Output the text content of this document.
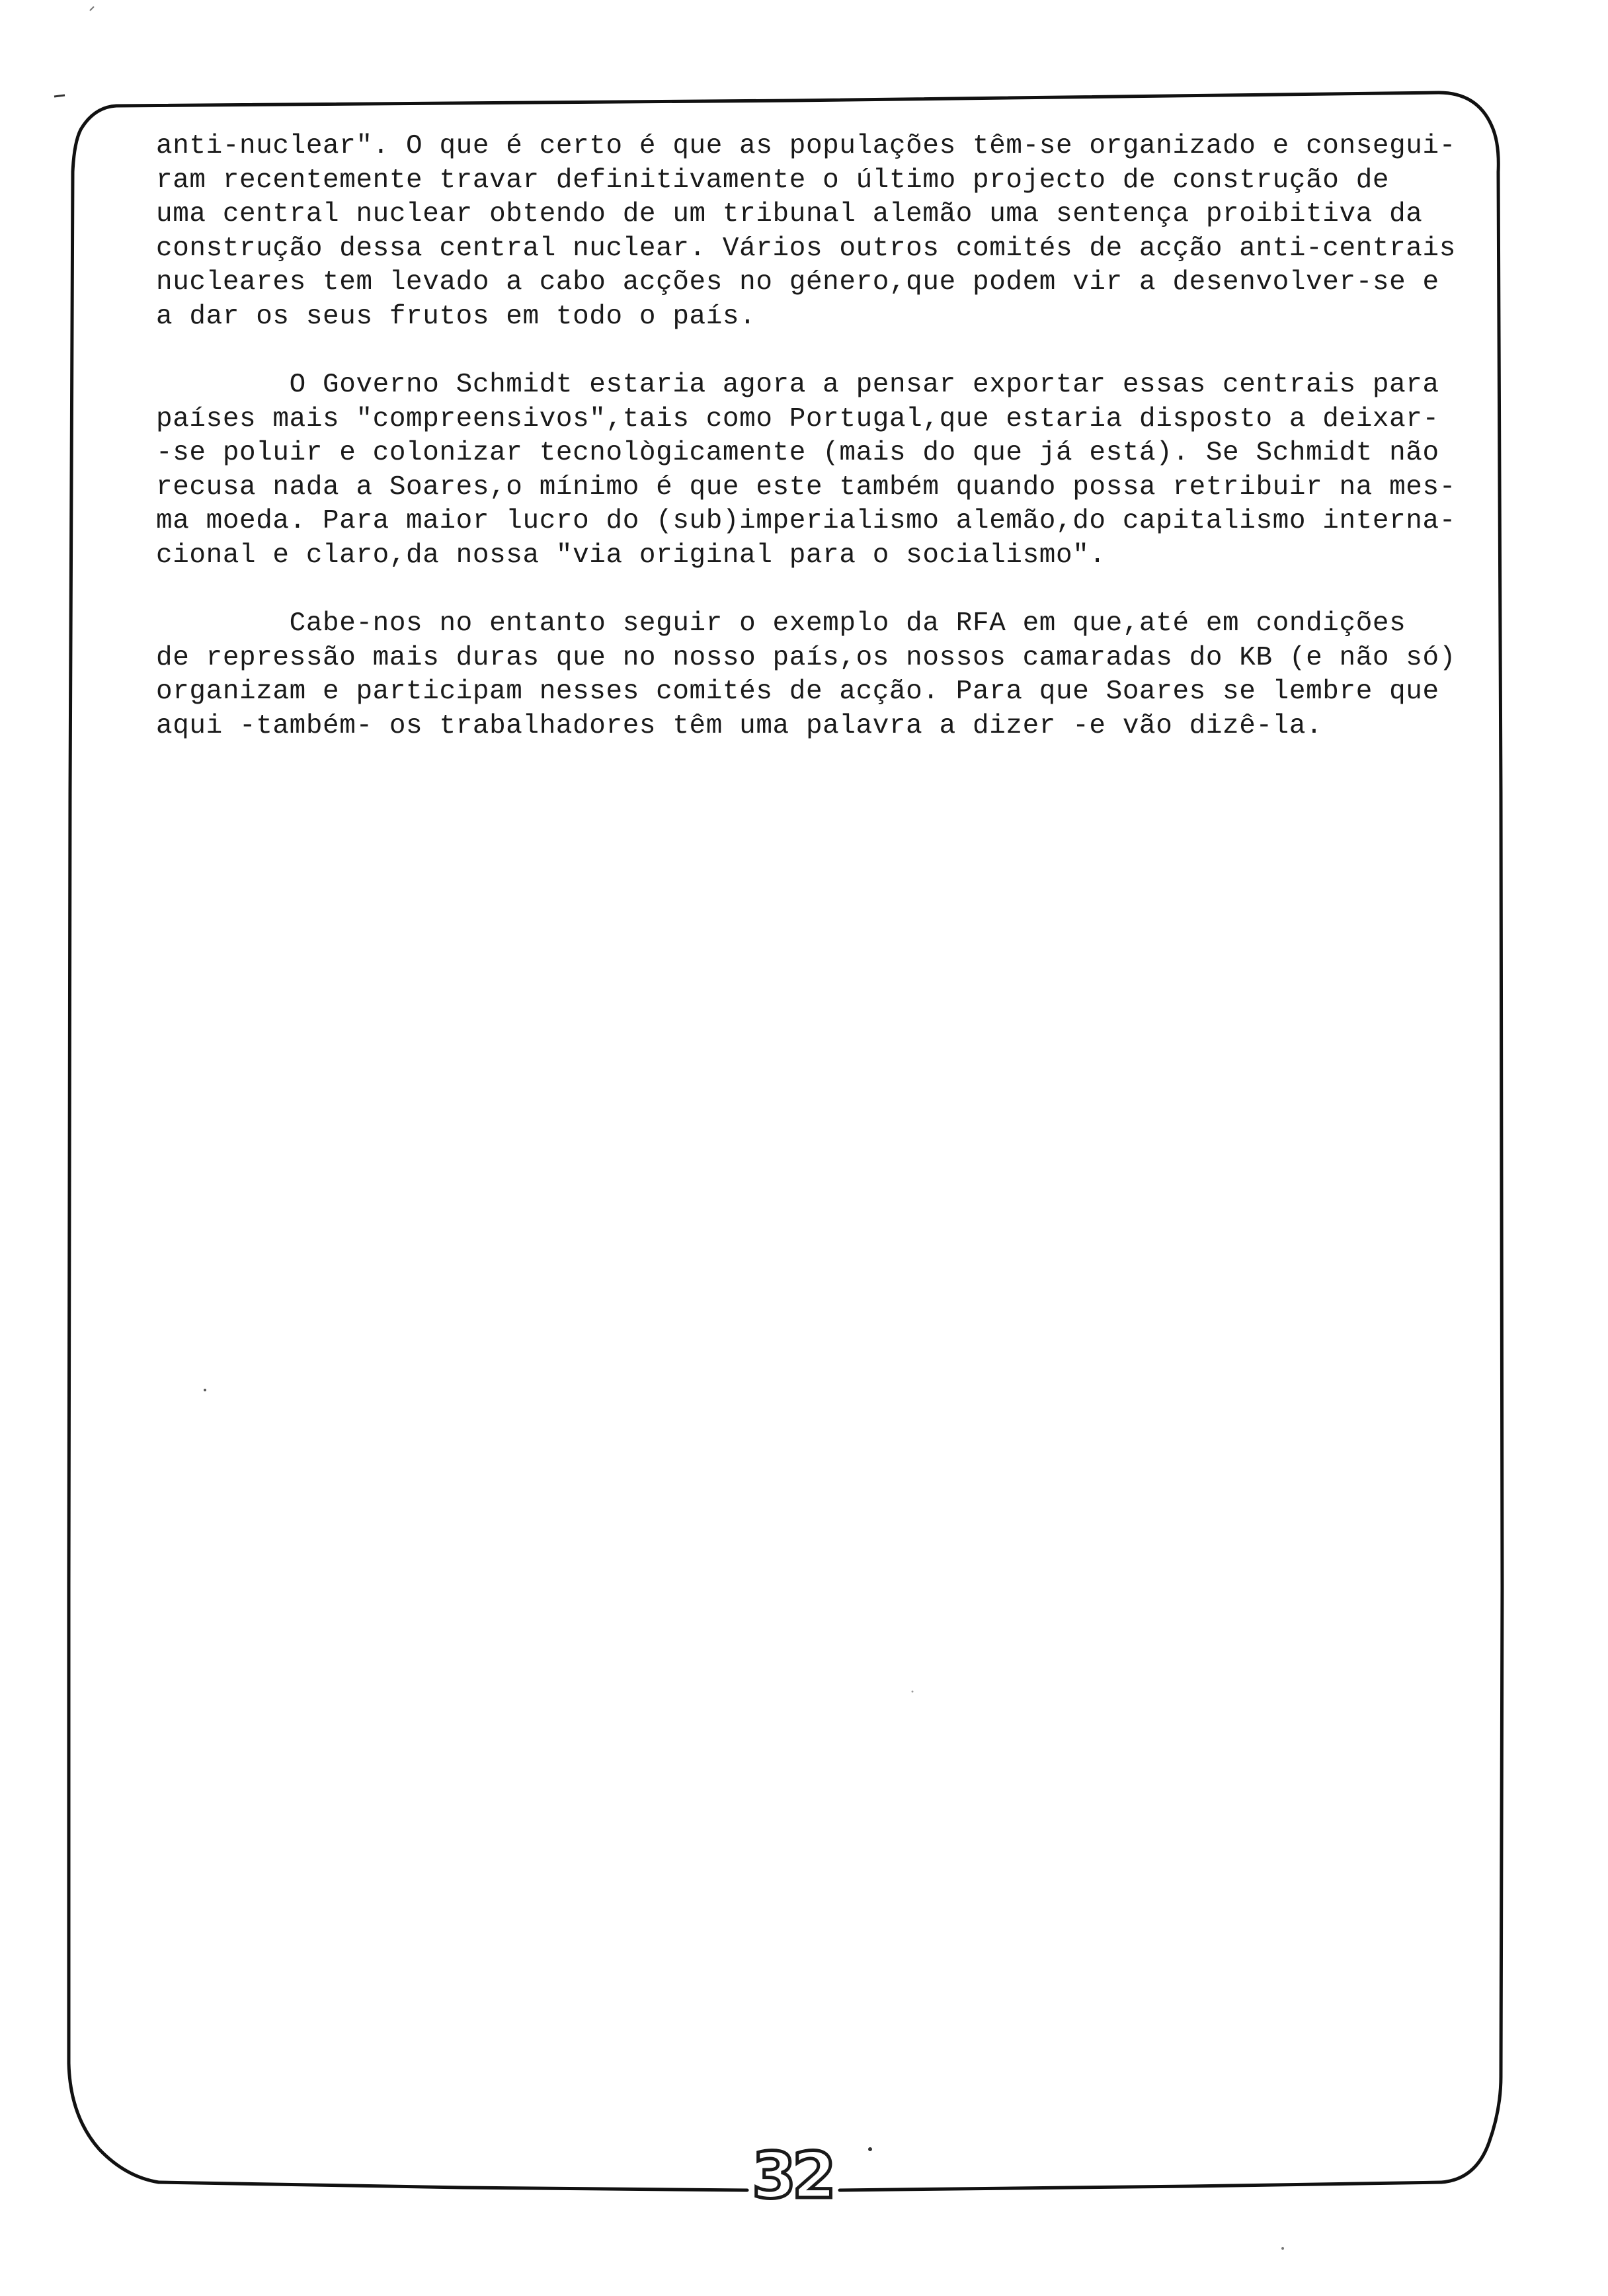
anti-nuclear". O que é certo é que as populações têm-se organizado e consegui-
ram recentemente travar definitivamente o último projecto de construção de
uma central nuclear obtendo de um tribunal alemão uma sentença proibitiva da
construção dessa central nuclear. Vários outros comités de acção anti-centrais
nucleares tem levado a cabo acções no género,que podem vir a desenvolver-se e
a dar os seus frutos em todo o país.
O Governo Schmidt estaria agora a pensar exportar essas centrais para
países mais "compreensivos",tais como Portugal,que estaria disposto a deixar-
-se poluir e colonizar tecnològicamente (mais do que já está). Se Schmidt não
recusa nada a Soares,o mínimo é que este também quando possa retribuir na mes-
ma moeda. Para maior lucro do (sub)imperialismo alemão,do capitalismo interna-
cional e claro,da nossa "via original para o socialismo".
Cabe-nos no entanto seguir o exemplo da RFA em que,até em condições
de repressão mais duras que no nosso país,os nossos camaradas do KB (e não só)
organizam e participam nesses comités de acção. Para que Soares se lembre que
aqui -também- os trabalhadores têm uma palavra a dizer -e vão dizê-la.
32
